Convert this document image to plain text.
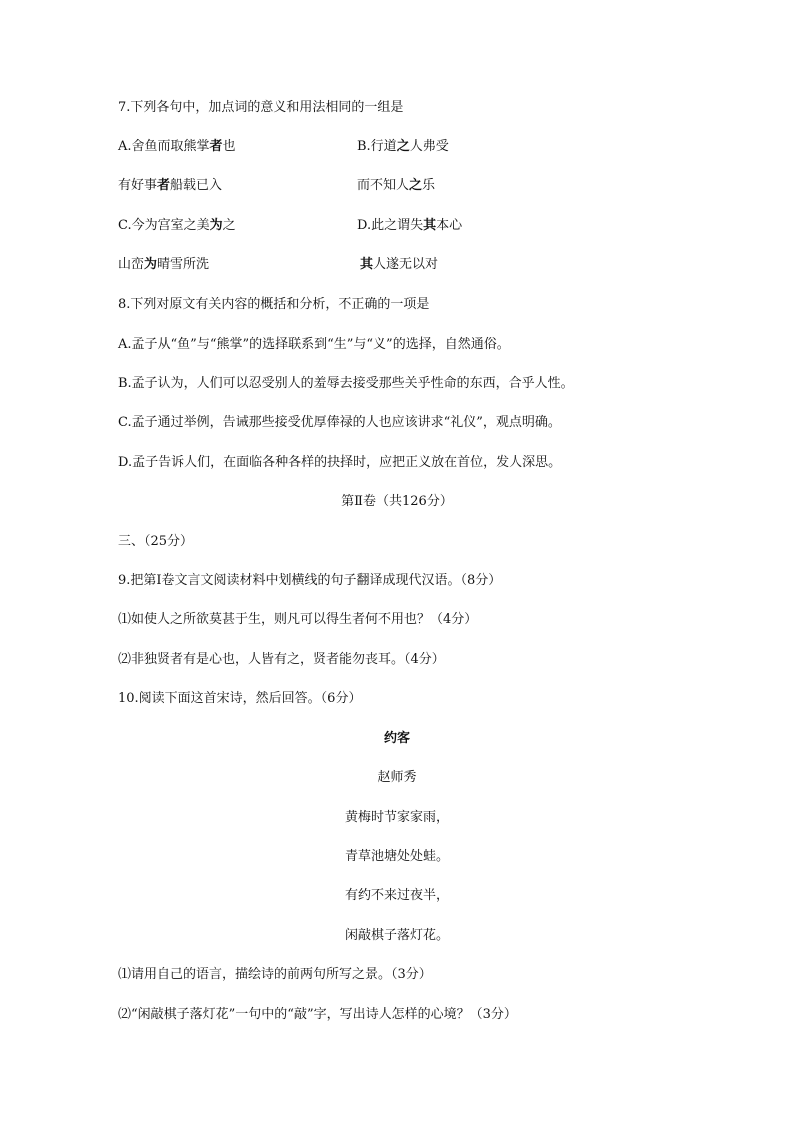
7.下列各句中，加点词的意义和用法相同的一组是
A.舍鱼而取熊掌者也	B.行道之人弗受
有好事者船载已入	而不知人之乐
C.今为宫室之美为之	D.此之谓失其本心
山峦为晴雪所洗	其人遂无以对
8.下列对原文有关内容的概括和分析，不正确的一项是
A.孟子从“鱼”与“熊掌”的选择联系到“生”与“义”的选择，自然通俗。
B.孟子认为，人们可以忍受别人的羞辱去接受那些关乎性命的东西，合乎人性。
C.孟子通过举例，告诫那些接受优厚俸禄的人也应该讲求“礼仪”，观点明确。
D.孟子告诉人们，在面临各种各样的抉择时，应把正义放在首位，发人深思。
第Ⅱ卷（共126分）
三、（25分）
9.把第Ⅰ卷文言文阅读材料中划横线的句子翻译成现代汉语。（8分）
⑴如使人之所欲莫甚于生，则凡可以得生者何不用也？（4分）
⑵非独贤者有是心也，人皆有之，贤者能勿丧耳。（4分）
10.阅读下面这首宋诗，然后回答。（6分）
约客
赵师秀
黄梅时节家家雨，
青草池塘处处蛙。
有约不来过夜半，
闲敲棋子落灯花。
⑴请用自己的语言，描绘诗的前两句所写之景。（3分）
⑵“闲敲棋子落灯花”一句中的“敲”字，写出诗人怎样的心境？（3分）
